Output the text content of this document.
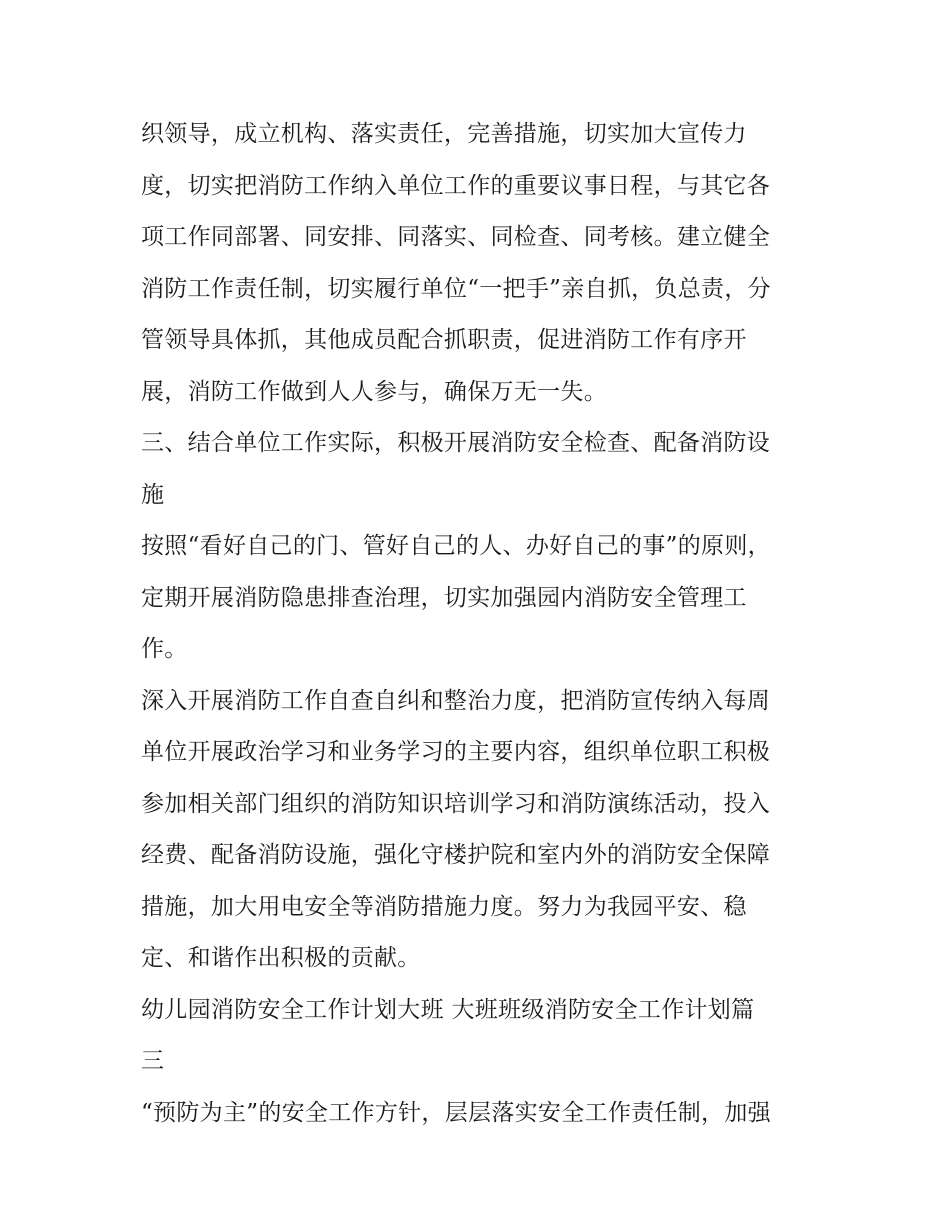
织领导，成立机构、落实责任，完善措施，切实加大宣传力
度，切实把消防工作纳入单位工作的重要议事日程，与其它各
项工作同部署、同安排、同落实、同检查、同考核。建立健全
消防工作责任制，切实履行单位“一把手”亲自抓，负总责，分
管领导具体抓，其他成员配合抓职责，促进消防工作有序开
展，消防工作做到人人参与，确保万无一失。
三、结合单位工作实际，积极开展消防安全检查、配备消防设
施
按照“看好自己的门、管好自己的人、办好自己的事”的原则，
定期开展消防隐患排查治理，切实加强园内消防安全管理工
作。
深入开展消防工作自查自纠和整治力度，把消防宣传纳入每周
单位开展政治学习和业务学习的主要内容，组织单位职工积极
参加相关部门组织的消防知识培训学习和消防演练活动，投入
经费、配备消防设施，强化守楼护院和室内外的消防安全保障
措施，加大用电安全等消防措施力度。努力为我园平安、稳
定、和谐作出积极的贡献。
幼儿园消防安全工作计划大班 大班班级消防安全工作计划篇
三
“预防为主”的安全工作方针，层层落实安全工作责任制，加强
